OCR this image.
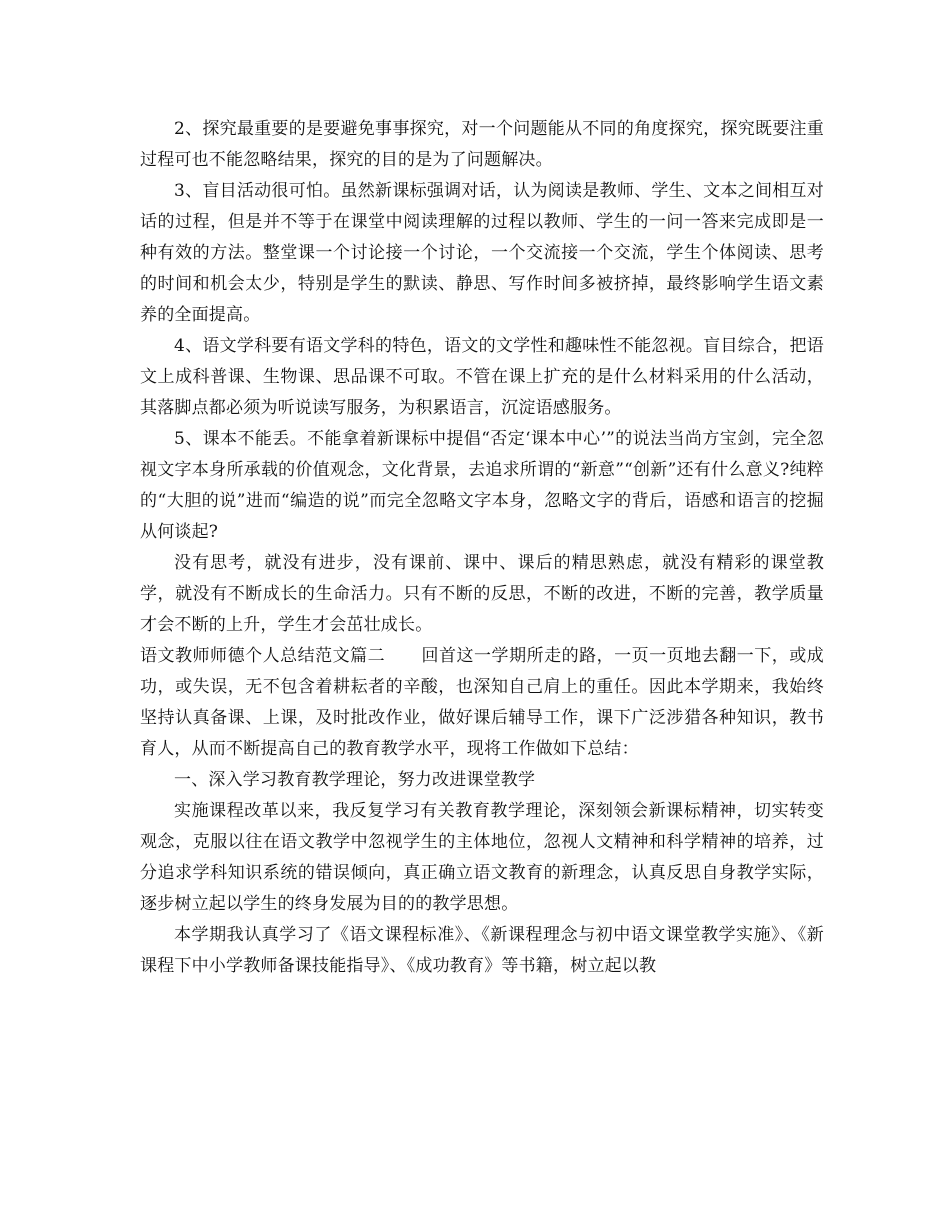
2、探究最重要的是要避免事事探究，对一个问题能从不同的角度探究，探究既要注重过程可也不能忽略结果，探究的目的是为了问题解决。

3、盲目活动很可怕。虽然新课标强调对话，认为阅读是教师、学生、文本之间相互对话的过程，但是并不等于在课堂中阅读理解的过程以教师、学生的一问一答来完成即是一种有效的方法。整堂课一个讨论接一个讨论，一个交流接一个交流，学生个体阅读、思考的时间和机会太少，特别是学生的默读、静思、写作时间多被挤掉，最终影响学生语文素养的全面提高。

4、语文学科要有语文学科的特色，语文的文学性和趣味性不能忽视。盲目综合，把语文上成科普课、生物课、思品课不可取。不管在课上扩充的是什么材料采用的什么活动，其落脚点都必须为听说读写服务，为积累语言，沉淀语感服务。

5、课本不能丢。不能拿着新课标中提倡“否定‘课本中心’”的说法当尚方宝剑，完全忽视文字本身所承载的价值观念，文化背景，去追求所谓的“新意”“创新”还有什么意义?纯粹的“大胆的说”进而“编造的说”而完全忽略文字本身，忽略文字的背后，语感和语言的挖掘从何谈起?

没有思考，就没有进步，没有课前、课中、课后的精思熟虑，就没有精彩的课堂教学，就没有不断成长的生命活力。只有不断的反思，不断的改进，不断的完善，教学质量才会不断的上升，学生才会茁壮成长。

语文教师师德个人总结范文篇二 回首这一学期所走的路，一页一页地去翻一下，或成功，或失误，无不包含着耕耘者的辛酸，也深知自己肩上的重任。因此本学期来，我始终坚持认真备课、上课，及时批改作业，做好课后辅导工作，课下广泛涉猎各种知识，教书育人，从而不断提高自己的教育教学水平，现将工作做如下总结：

一、深入学习教育教学理论，努力改进课堂教学

实施课程改革以来，我反复学习有关教育教学理论，深刻领会新课标精神，切实转变观念，克服以往在语文教学中忽视学生的主体地位，忽视人文精神和科学精神的培养，过分追求学科知识系统的错误倾向，真正确立语文教育的新理念，认真反思自身教学实际，逐步树立起以学生的终身发展为目的的教学思想。

本学期我认真学习了《语文课程标准》、《新课程理念与初中语文课堂教学实施》、《新课程下中小学教师备课技能指导》、《成功教育》等书籍，树立起以教
